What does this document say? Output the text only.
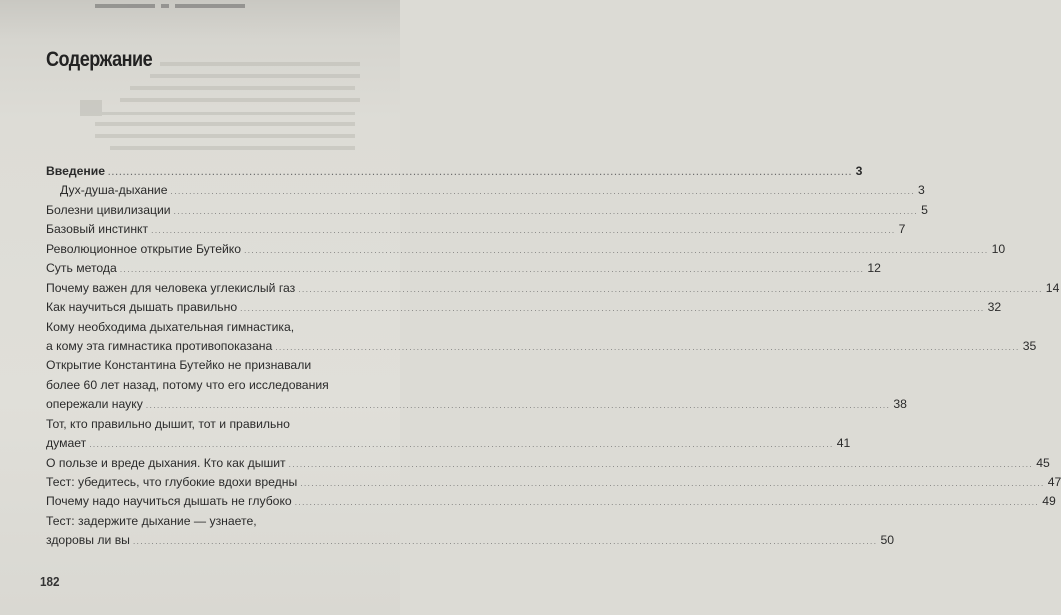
Содержание
Введение ........................................................................................................................................................................................................ 3
Дух-душа-дыхание ........................................................................................................................................................................................................ 3
Болезни цивилизации ........................................................................................................................................................................................................ 5
Базовый инстинкт ........................................................................................................................................................................................................ 7
Революционное открытие Бутейко ........................................................................................................................................................................................................ 10
Суть метода ........................................................................................................................................................................................................ 12
Почему важен для человека углекислый газ ........................................................................................................................................................................................................ 14
Как научиться дышать правильно ........................................................................................................................................................................................................ 32
Кому необходима дыхательная гимнастика,
а кому эта гимнастика противопоказана ........................................................................................................................................................................................................ 35
Открытие Константина Бутейко не признавали
более 60 лет назад, потому что его исследования
опережали науку ........................................................................................................................................................................................................ 38
Тот, кто правильно дышит, тот и правильно
думает ........................................................................................................................................................................................................ 41
О пользе и вреде дыхания. Кто как дышит ........................................................................................................................................................................................................ 45
Тест: убедитесь, что глубокие вдохи вредны ........................................................................................................................................................................................................ 47
Почему надо научиться дышать не глубоко ........................................................................................................................................................................................................ 49
Тест: задержите дыхание — узнаете,
здоровы ли вы ........................................................................................................................................................................................................ 50
182
